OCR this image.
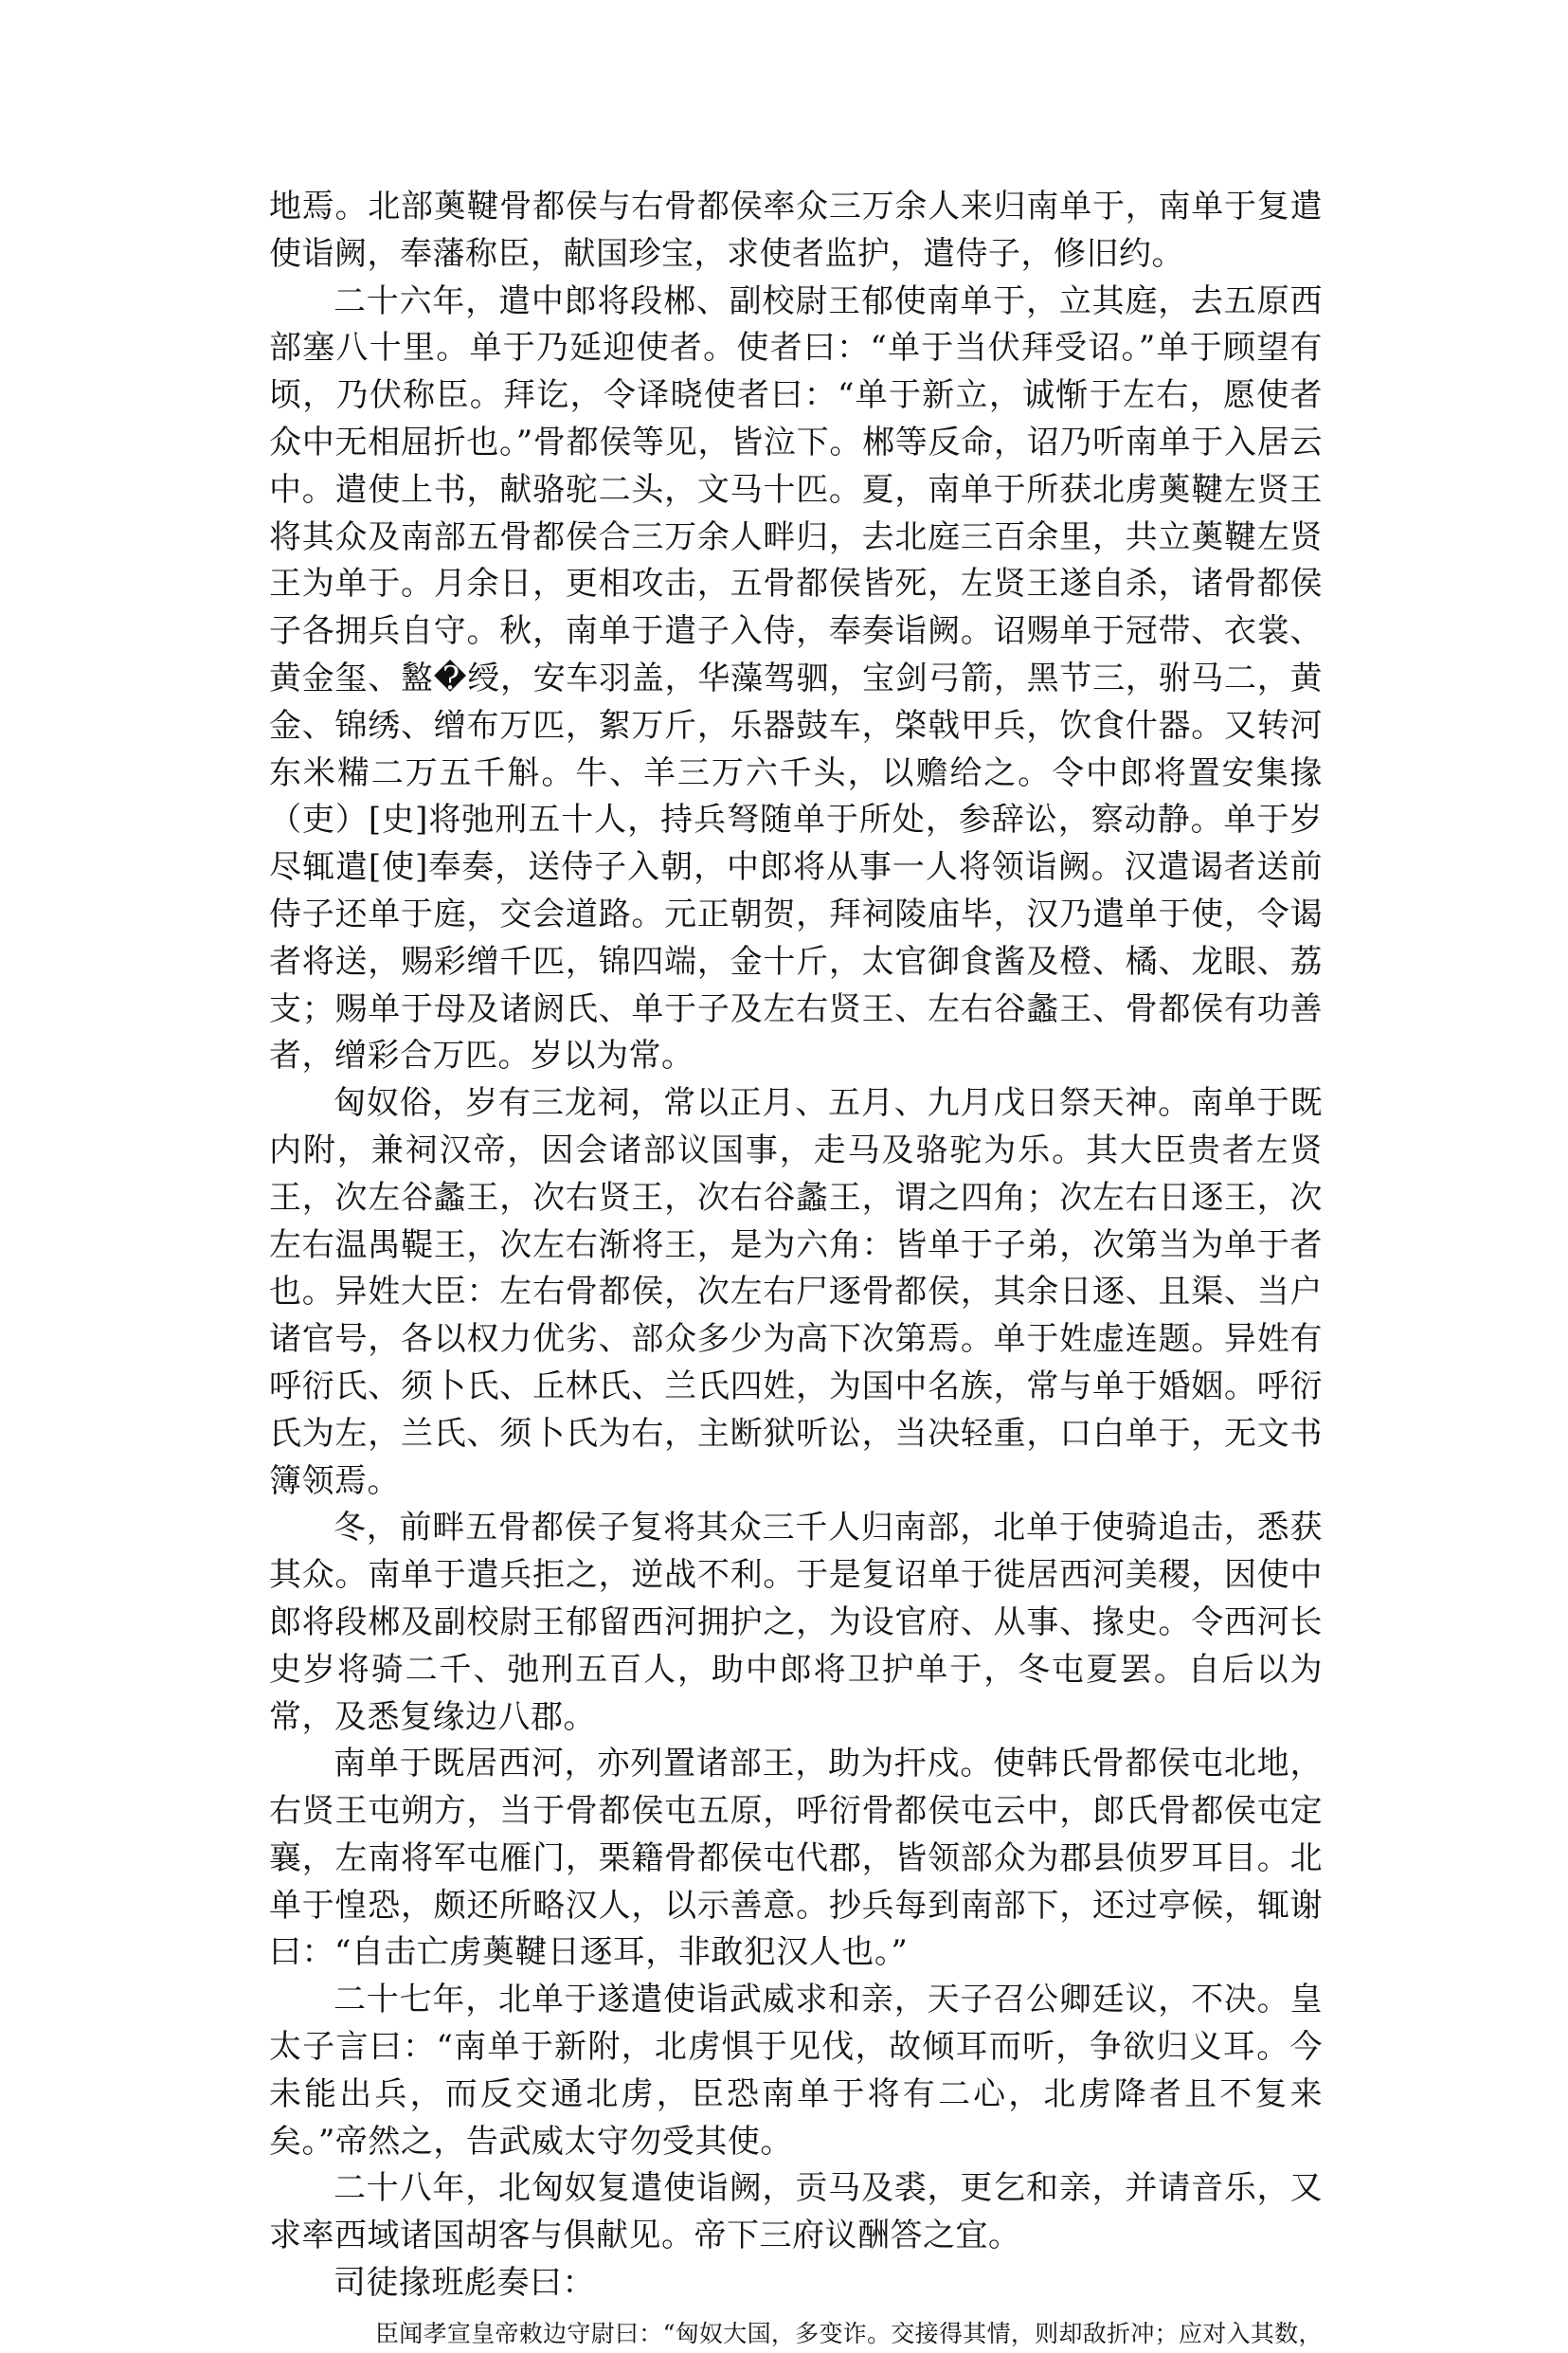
地焉。北部薁鞬骨都侯与右骨都侯率众三万余人来归南单于，南单于复遣使诣阙，奉藩称臣，献国珍宝，求使者监护，遣侍子，修旧约。

二十六年，遣中郎将段郴、副校尉王郁使南单于，立其庭，去五原西部塞八十里。单于乃延迎使者。使者曰：“单于当伏拜受诏。”单于顾望有顷，乃伏称臣。拜讫，令译晓使者曰：“单于新立，诚惭于左右，愿使者众中无相屈折也。”骨都侯等见，皆泣下。郴等反命，诏乃听南单于入居云中。遣使上书，献骆驼二头，文马十匹。夏，南单于所获北虏薁鞬左贤王将其众及南部五骨都侯合三万余人畔归，去北庭三百余里，共立薁鞬左贤王为单于。月余日，更相攻击，五骨都侯皆死，左贤王遂自杀，诸骨都侯子各拥兵自守。秋，南单于遣子入侍，奉奏诣阙。诏赐单于冠带、衣裳、黄金玺、盭�绶，安车羽盖，华藻驾驷，宝剑弓箭，黑节三，驸马二，黄金、锦绣、缯布万匹，絮万斤，乐器鼓车，棨戟甲兵，饮食什器。又转河东米糒二万五千斛。牛、羊三万六千头，以赡给之。令中郎将置安集掾（吏）[史]将弛刑五十人，持兵弩随单于所处，参辞讼，察动静。单于岁尽辄遣[使]奉奏，送侍子入朝，中郎将从事一人将领诣阙。汉遣谒者送前侍子还单于庭，交会道路。元正朝贺，拜祠陵庙毕，汉乃遣单于使，令谒者将送，赐彩缯千匹，锦四端，金十斤，太官御食酱及橙、橘、龙眼、荔支；赐单于母及诸阏氏、单于子及左右贤王、左右谷蠡王、骨都侯有功善者，缯彩合万匹。岁以为常。

匈奴俗，岁有三龙祠，常以正月、五月、九月戊日祭天神。南单于既内附，兼祠汉帝，因会诸部议国事，走马及骆驼为乐。其大臣贵者左贤王，次左谷蠡王，次右贤王，次右谷蠡王，谓之四角；次左右日逐王，次左右温禺鞮王，次左右渐将王，是为六角：皆单于子弟，次第当为单于者也。异姓大臣：左右骨都侯，次左右尸逐骨都侯，其余日逐、且渠、当户诸官号，各以权力优劣、部众多少为高下次第焉。单于姓虚连题。异姓有呼衍氏、须卜氏、丘林氏、兰氏四姓，为国中名族，常与单于婚姻。呼衍氏为左，兰氏、须卜氏为右，主断狱听讼，当决轻重，口白单于，无文书簿领焉。

冬，前畔五骨都侯子复将其众三千人归南部，北单于使骑追击，悉获其众。南单于遣兵拒之，逆战不利。于是复诏单于徙居西河美稷，因使中郎将段郴及副校尉王郁留西河拥护之，为设官府、从事、掾史。令西河长史岁将骑二千、弛刑五百人，助中郎将卫护单于，冬屯夏罢。自后以为常，及悉复缘边八郡。

南单于既居西河，亦列置诸部王，助为扞戍。使韩氏骨都侯屯北地，右贤王屯朔方，当于骨都侯屯五原，呼衍骨都侯屯云中，郎氏骨都侯屯定襄，左南将军屯雁门，栗籍骨都侯屯代郡，皆领部众为郡县侦罗耳目。北单于惶恐，颇还所略汉人，以示善意。抄兵每到南部下，还过亭候，辄谢曰：“自击亡虏薁鞬日逐耳，非敢犯汉人也。”

二十七年，北单于遂遣使诣武威求和亲，天子召公卿廷议，不决。皇太子言曰：“南单于新附，北虏惧于见伐，故倾耳而听，争欲归义耳。今未能出兵，而反交通北虏，臣恐南单于将有二心，北虏降者且不复来矣。”帝然之，告武威太守勿受其使。

二十八年，北匈奴复遣使诣阙，贡马及裘，更乞和亲，并请音乐，又求率西域诸国胡客与俱献见。帝下三府议酬答之宜。

司徒掾班彪奏曰：

臣闻孝宣皇帝敕边守尉曰：“匈奴大国，多变诈。交接得其情，则却敌折冲；应对入其数，
